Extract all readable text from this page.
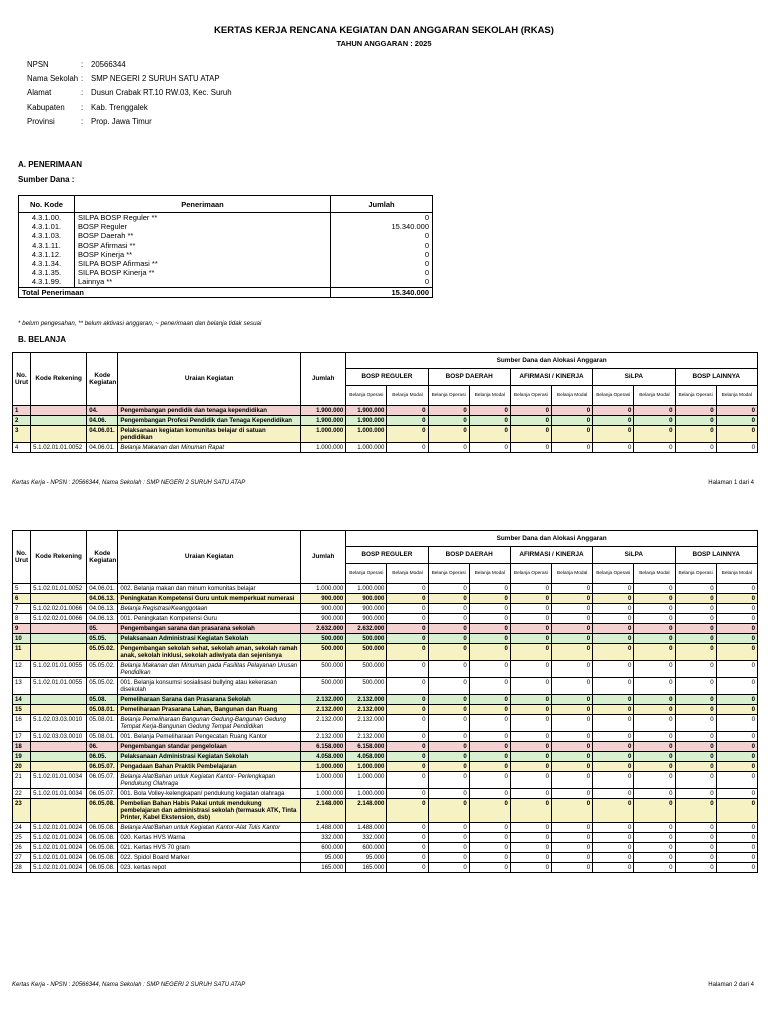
KERTAS KERJA RENCANA KEGIATAN DAN ANGGARAN SEKOLAH (RKAS)
TAHUN ANGGARAN : 2025
NPSN	: 20566344
Nama Sekolah : SMP NEGERI 2 SURUH SATU ATAP
Alamat	: Dusun Crabak RT.10 RW.03, Kec. Suruh
Kabupaten : Kab. Trenggalek
Provinsi	: Prop. Jawa Timur
A. PENERIMAAN
Sumber Dana :
No. Kode	Penerimaan	Jumlah
4.3.1.00.	SILPA BOSP Reguler **	0
4.3.1.01.	BOSP Reguler	15.340.000
4.3.1.03.	BOSP Daerah **	0
4.3.1.11.	BOSP Afirmasi **	0
4.3.1.12.	BOSP Kinerja **	0
4.3.1.34.	SILPA BOSP Afirmasi **	0
4.3.1.35.	SILPA BOSP Kinerja **	0
4.3.1.99.	Lainnya **	0
Total Penerimaan		15.340.000
* belum pengesahan, ** belum aktivasi anggaran, ~ penerimaan dan belanja tidak sesuai
B. BELANJA
No. Urut	Kode Rekening	Kode Kegiatan	Uraian Kegiatan	Jumlah	Sumber Dana dan Alokasi Anggaran									
					BOSP REGULER		BOSP DAERAH		AFIRMASI / KINERJA		SiLPA		BOSP LAINNYA	
					Belanja Operasi	Belanja Modal	Belanja Operasi	Belanja Modal	Belanja Operasi	Belanja Modal	Belanja Operasi	Belanja Modal	Belanja Operasi	Belanja Modal
1		04.	Pengembangan pendidik dan tenaga kependidikan	1.900.000	1.900.000	0	0	0	0	0	0	0	0	0
2		04.06.	Pengembangan Profesi Pendidik dan Tenaga Kependidikan	1.900.000	1.900.000	0	0	0	0	0	0	0	0	0
3		04.06.01.	Pelaksanaan kegiatan komunitas belajar di satuan pendidikan	1.000.000	1.000.000	0	0	0	0	0	0	0	0	0
4	5.1.02.01.01.0052	04.06.01.	Belanja Makanan dan Minuman Rapat	1.000.000	1.000.000	0	0	0	0	0	0	0	0	0
Kertas Kerja - NPSN : 20566344, Nama Sekolah : SMP NEGERI 2 SURUH SATU ATAP	Halaman 1 dari 4
No. Urut	Kode Rekening	Kode Kegiatan	Uraian Kegiatan	Jumlah	Sumber Dana dan Alokasi Anggaran									
					BOSP REGULER		BOSP DAERAH		AFIRMASI / KINERJA		SiLPA		BOSP LAINNYA	
					Belanja Operasi	Belanja Modal	Belanja Operasi	Belanja Modal	Belanja Operasi	Belanja Modal	Belanja Operasi	Belanja Modal	Belanja Operasi	Belanja Modal
5	5.1.02.01.01.0052	04.06.01.	002. Belanja makan dan minum komunitas belajar	1.000.000	1.000.000	0	0	0	0	0	0	0	0	0
6		04.06.13.	Peningkatan Kompetensi Guru untuk memperkuat numerasi	900.000	900.000	0	0	0	0	0	0	0	0	0
7	5.1.02.02.01.0066	04.06.13.	Belanja Registrasi/Keanggotaan	900.000	900.000	0	0	0	0	0	0	0	0	0
8	5.1.02.02.01.0066	04.06.13.	001. Peningkatan Kompetensi Guru	900.000	900.000	0	0	0	0	0	0	0	0	0
9		05.	Pengembangan sarana dan prasarana sekolah	2.632.000	2.632.000	0	0	0	0	0	0	0	0	0
10		05.05.	Pelaksanaan Administrasi Kegiatan Sekolah	500.000	500.000	0	0	0	0	0	0	0	0	0
11		05.05.02.	Pengembangan sekolah sehat, sekolah aman, sekolah ramah anak, sekolah inklusi, sekolah adiwiyata dan sejenisnya	500.000	500.000	0	0	0	0	0	0	0	0	0
12	5.1.02.01.01.0055	05.05.02.	Belanja Makanan dan Minuman pada Fasilitas Pelayanan Urusan Pendidikan	500.000	500.000	0	0	0	0	0	0	0	0	0
13	5.1.02.01.01.0055	05.05.02.	001. Belanja konsumsi sosialisasi bullying atau kekerasan disekolah	500.000	500.000	0	0	0	0	0	0	0	0	0
14		05.08.	Pemeliharaan Sarana dan Prasarana Sekolah	2.132.000	2.132.000	0	0	0	0	0	0	0	0	0
15		05.08.01.	Pemeliharaan Prasarana Lahan, Bangunan dan Ruang	2.132.000	2.132.000	0	0	0	0	0	0	0	0	0
16	5.1.02.03.03.0010	05.08.01.	Belanja Pemeliharaan Bangunan Gedung-Bangunan Gedung Tempat Kerja-Bangunan Gedung Tempat Pendidikan	2.132.000	2.132.000	0	0	0	0	0	0	0	0	0
17	5.1.02.03.03.0010	05.08.01.	001. Belanja Pemeliharaan Pengecatan Ruang Kantor	2.132.000	2.132.000	0	0	0	0	0	0	0	0	0
18		06.	Pengembangan standar pengelolaan	6.158.000	6.158.000	0	0	0	0	0	0	0	0	0
19		06.05.	Pelaksanaan Administrasi Kegiatan Sekolah	4.058.000	4.058.000	0	0	0	0	0	0	0	0	0
20		06.05.07.	Pengadaan Bahan Praktik Pembelajaran	1.000.000	1.000.000	0	0	0	0	0	0	0	0	0
21	5.1.02.01.01.0034	06.05.07.	Belanja Alat/Bahan untuk Kegiatan Kantor- Perlengkapan Pendukung Olahraga	1.000.000	1.000.000	0	0	0	0	0	0	0	0	0
22	5.1.02.01.01.0034	06.05.07.	001. Bola Volley-kelengkapan/ pendukung kegiatan olahraga	1.000.000	1.000.000	0	0	0	0	0	0	0	0	0
23		06.05.08.	Pembelian Bahan Habis Pakai untuk mendukung pembelajaran dan administrasi sekolah (termasuk ATK, Tinta Printer, Kabel Ekstension, dsb)	2.148.000	2.148.000	0	0	0	0	0	0	0	0	0
24	5.1.02.01.01.0024	06.05.08.	Belanja Alat/Bahan untuk Kegiatan Kantor-Alat Tulis Kantor	1.488.000	1.488.000	0	0	0	0	0	0	0	0	0
25	5.1.02.01.01.0024	06.05.08.	020. Kertas HVS Warna	332.000	332.000	0	0	0	0	0	0	0	0	0
26	5.1.02.01.01.0024	06.05.08.	021. Kertas HVS 70 gram	600.000	600.000	0	0	0	0	0	0	0	0	0
27	5.1.02.01.01.0024	06.05.08.	022. Spidol Board Marker	95.000	95.000	0	0	0	0	0	0	0	0	0
28	5.1.02.01.01.0024	06.05.08.	023. kertas repot	165.000	165.000	0	0	0	0	0	0	0	0	0
Kertas Kerja - NPSN : 20566344, Nama Sekolah : SMP NEGERI 2 SURUH SATU ATAP	Halaman 2 dari 4
